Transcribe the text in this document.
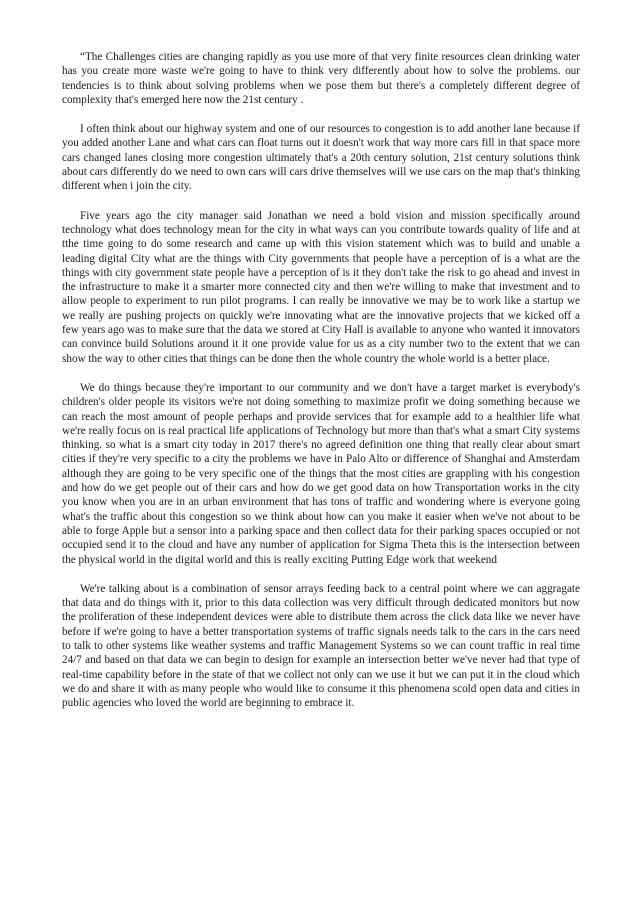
“The Challenges cities are changing rapidly as you use more of that very finite resources clean drinking water has you create more waste we're going to have to think very differently about how to solve the problems. our tendencies is to think about solving problems when we pose them but there's a completely different degree of complexity that's emerged here now the 21st century .

I often think about our highway system and one of our resources to congestion is to add another lane because if you added another Lane and what cars can float turns out it doesn't work that way more cars fill in that space more cars changed lanes closing more congestion ultimately that's a 20th century solution, 21st century solutions think about cars differently do we need to own cars will cars drive themselves will we use cars on the map that's thinking different when i join the city.

Five years ago the city manager said Jonathan we need a bold vision and mission specifically around technology what does technology mean for the city in what ways can you contribute towards quality of life and at tthe time going to do some research and came up with this vision statement which was to build and unable a leading digital City what are the things with City governments that people have a perception of is a what are the things with city government state people have a perception of is it they don't take the risk to go ahead and invest in the infrastructure to make it a smarter more connected city and then we're willing to make that investment and to allow people to experiment to run pilot programs. I can really be innovative we may be to work like a startup we we really are pushing projects on quickly we're innovating what are the innovative projects that we kicked off a few years ago was to make sure that the data we stored at City Hall is available to anyone who wanted it innovators can convince build Solutions around it it one provide value for us as a city number two to the extent that we can show the way to other cities that things can be done then the whole country the whole world is a better place.

We do things because they're important to our community and we don't have a target market is everybody's children's older people its visitors we're not doing something to maximize profit we doing something because we can reach the most amount of people perhaps and provide services that for example add to a healthier life what we're really focus on is real practical life applications of Technology but more than that's what a smart City systems thinking. so what is a smart city today in 2017 there's no agreed definition one thing that really clear about smart cities if they're very specific to a city the problems we have in Palo Alto or difference of Shanghai and Amsterdam although they are going to be very specific one of the things that the most cities are grappling with his congestion and how do we get people out of their cars and how do we get good data on how Transportation works in the city you know when you are in an urban environment that has tons of traffic and wondering where is everyone going what's the traffic about this congestion so we think about how can you make it easier when we've not about to be able to forge Apple but a sensor into a parking space and then collect data for their parking spaces occupied or not occupied send it to the cloud and have any number of application for Sigma Theta this is the intersection between the physical world in the digital world and this is really exciting Putting Edge work that weekend

We're talking about is a combination of sensor arrays feeding back to a central point where we can aggragate that data and do things with it, prior to this data collection was very difficult through dedicated monitors but now the proliferation of these independent devices were able to distribute them across the click data like we never have before if we're going to have a better transportation systems of traffic signals needs talk to the cars in the cars need to talk to other systems like weather systems and traffic Management Systems so we can count traffic in real time 24/7 and based on that data we can begin to design for example an intersection better we've never had that type of real-time capability before in the state of that we collect not only can we use it but we can put it in the cloud which we do and share it with as many people who would like to consume it this phenomena scold open data and cities in public agencies who loved the world are beginning to embrace it.
